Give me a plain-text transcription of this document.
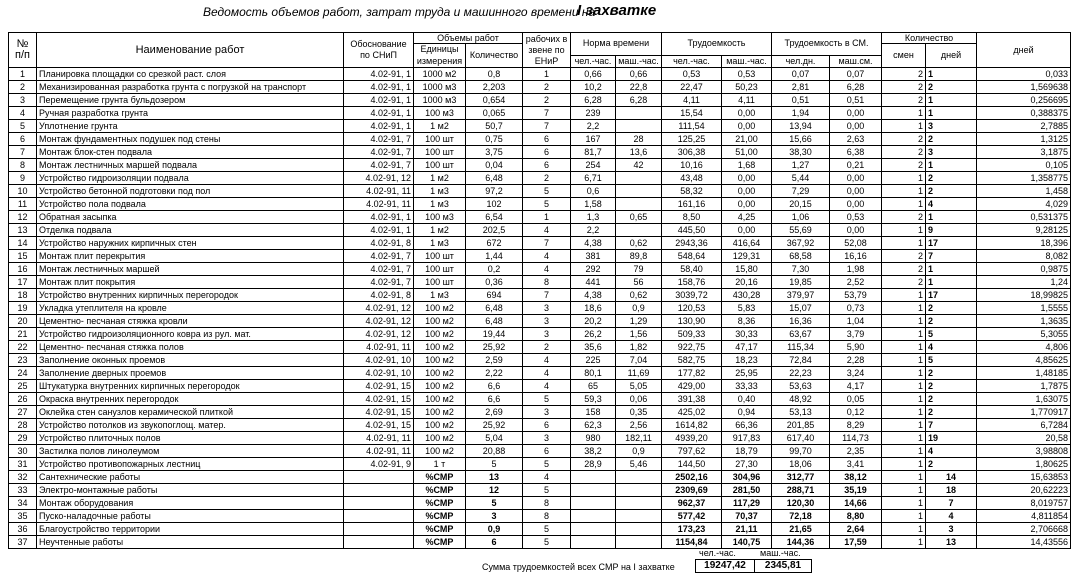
Ведомость объемов работ, затрат труда и машинного времени на
I захватке
№
п/п	Наименование работ	Обоснование по СНиП	Объемы работ		рабочих в звене по ЕНиР	Норма времени		Трудоемкость		Трудоемкость в СМ.		Количество		дней
			Единицы измерения	Количество								смен	дней	
						чел.-час.	маш.-час.	чел.-час.	маш.-час.	чел.дн.	маш.см.			
1	Планировка площадки со срезкой раст. слоя	4.02-91, 1	1000 м2	0,8	1	0,66	0,66	0,53	0,53	0,07	0,07	2	1	0,033
2	Механизированная разработка грунта с погрузкой на транспорт	4.02-91, 1	1000 м3	2,203	2	10,2	22,8	22,47	50,23	2,81	6,28	2	2	1,569638
3	Перемещение грунта бульдозером	4.02-91, 1	1000 м3	0,654	2	6,28	6,28	4,11	4,11	0,51	0,51	2	1	0,256695
4	Ручная разработка грунта	4.02-91, 1	100 м3	0,065	7	239		15,54	0,00	1,94	0,00	1	1	0,388375
5	Уплотнение грунта	4.02-91, 1	1 м2	50,7	7	2,2		111,54	0,00	13,94	0,00	1	3	2,7885
6	Монтаж фундаментных подушек под стены	4.02-91, 7	100 шт	0,75	6	167	28	125,25	21,00	15,66	2,63	2	2	1,3125
7	Монтаж блок-стен подвала	4.02-91, 7	100 шт	3,75	6	81,7	13,6	306,38	51,00	38,30	6,38	2	3	3,1875
8	Монтаж лестничных маршей подвала	4.02-91, 7	100 шт	0,04	6	254	42	10,16	1,68	1,27	0,21	2	1	0,105
9	Устройство гидроизоляции подвала	4.02-91, 12	1 м2	6,48	2	6,71		43,48	0,00	5,44	0,00	1	2	1,358775
10	Устройство бетонной подготовки под пол	4.02-91, 11	1 м3	97,2	5	0,6		58,32	0,00	7,29	0,00	1	2	1,458
11	Устройство пола подвала	4.02-91, 11	1 м3	102	5	1,58		161,16	0,00	20,15	0,00	1	4	4,029
12	Обратная засыпка	4.02-91, 1	100 м3	6,54	1	1,3	0,65	8,50	4,25	1,06	0,53	2	1	0,531375
13	Отделка подвала	4.02-91, 1	1 м2	202,5	4	2,2		445,50	0,00	55,69	0,00	1	9	9,28125
14	Устройство наружних кирпичных стен	4.02-91, 8	1 м3	672	7	4,38	0,62	2943,36	416,64	367,92	52,08	1	17	18,396
15	Монтаж плит перекрытия	4.02-91, 7	100 шт	1,44	4	381	89,8	548,64	129,31	68,58	16,16	2	7	8,082
16	Монтаж лестничных маршей	4.02-91, 7	100 шт	0,2	4	292	79	58,40	15,80	7,30	1,98	2	1	0,9875
17	Монтаж плит покрытия	4.02-91, 7	100 шт	0,36	8	441	56	158,76	20,16	19,85	2,52	2	1	1,24
18	Устройство внутренних кирпичных перегородок	4.02-91, 8	1 м3	694	7	4,38	0,62	3039,72	430,28	379,97	53,79	1	17	18,99825
19	Укладка утеплителя на кровле	4.02-91, 12	100 м2	6,48	3	18,6	0,9	120,53	5,83	15,07	0,73	1	2	1,5555
20	Цементно- песчаная стяжка кровли	4.02-91, 12	100 м2	6,48	3	20,2	1,29	130,90	8,36	16,36	1,04	1	2	1,3635
21	Устройство гидроизоляционного ковра из рул. мат.	4.02-91, 12	100 м2	19,44	3	26,2	1,56	509,33	30,33	63,67	3,79	1	5	5,3055
22	Цементно- песчаная стяжка полов	4.02-91, 11	100 м2	25,92	2	35,6	1,82	922,75	47,17	115,34	5,90	1	4	4,806
23	Заполнение оконных проемов	4.02-91, 10	100 м2	2,59	4	225	7,04	582,75	18,23	72,84	2,28	1	5	4,85625
24	Заполнение дверных проемов	4.02-91, 10	100 м2	2,22	4	80,1	11,69	177,82	25,95	22,23	3,24	1	2	1,48185
25	Штукатурка внутренних кирпичных перегородок	4.02-91, 15	100 м2	6,6	4	65	5,05	429,00	33,33	53,63	4,17	1	2	1,7875
26	Окраска внутренних перегородок	4.02-91, 15	100 м2	6,6	5	59,3	0,06	391,38	0,40	48,92	0,05	1	2	1,63075
27	Оклейка стен санузлов керамической плиткой	4.02-91, 15	100 м2	2,69	3	158	0,35	425,02	0,94	53,13	0,12	1	2	1,770917
28	Устройство потолков из звукопоглощ. матер.	4.02-91, 15	100 м2	25,92	6	62,3	2,56	1614,82	66,36	201,85	8,29	1	7	6,7284
29	Устройство плиточных полов	4.02-91, 11	100 м2	5,04	3	980	182,11	4939,20	917,83	617,40	114,73	1	19	20,58
30	Застилка полов линолеумом	4.02-91, 11	100 м2	20,88	6	38,2	0,9	797,62	18,79	99,70	2,35	1	4	3,98808
31	Устройство противопожарных лестниц	4.02-91, 9	1 т	5	5	28,9	5,46	144,50	27,30	18,06	3,41	1	2	1,80625
32	Сантехнические работы		%СМР	13	4			2502,16	304,96	312,77	38,12	1	14	15,63853
33	Электро-монтажные работы		%СМР	12	5			2309,69	281,50	288,71	35,19	1	18	20,62223
34	Монтаж оборудования		%СМР	5	8			962,37	117,29	120,30	14,66	1	7	8,019757
35	Пуско-наладочные работы		%СМР	3	8			577,42	70,37	72,18	8,80	1	4	4,811854
36	Благоустройство территории		%СМР	0,9	5			173,23	21,11	21,65	2,64	1	3	2,706668
37	Неучтенные работы		%СМР	6	5			1154,84	140,75	144,36	17,59	1	13	14,43556
чел.-час.	маш.-час.
Сумма трудоемкостей всех СМР на I захватке	19247,42	2345,81
